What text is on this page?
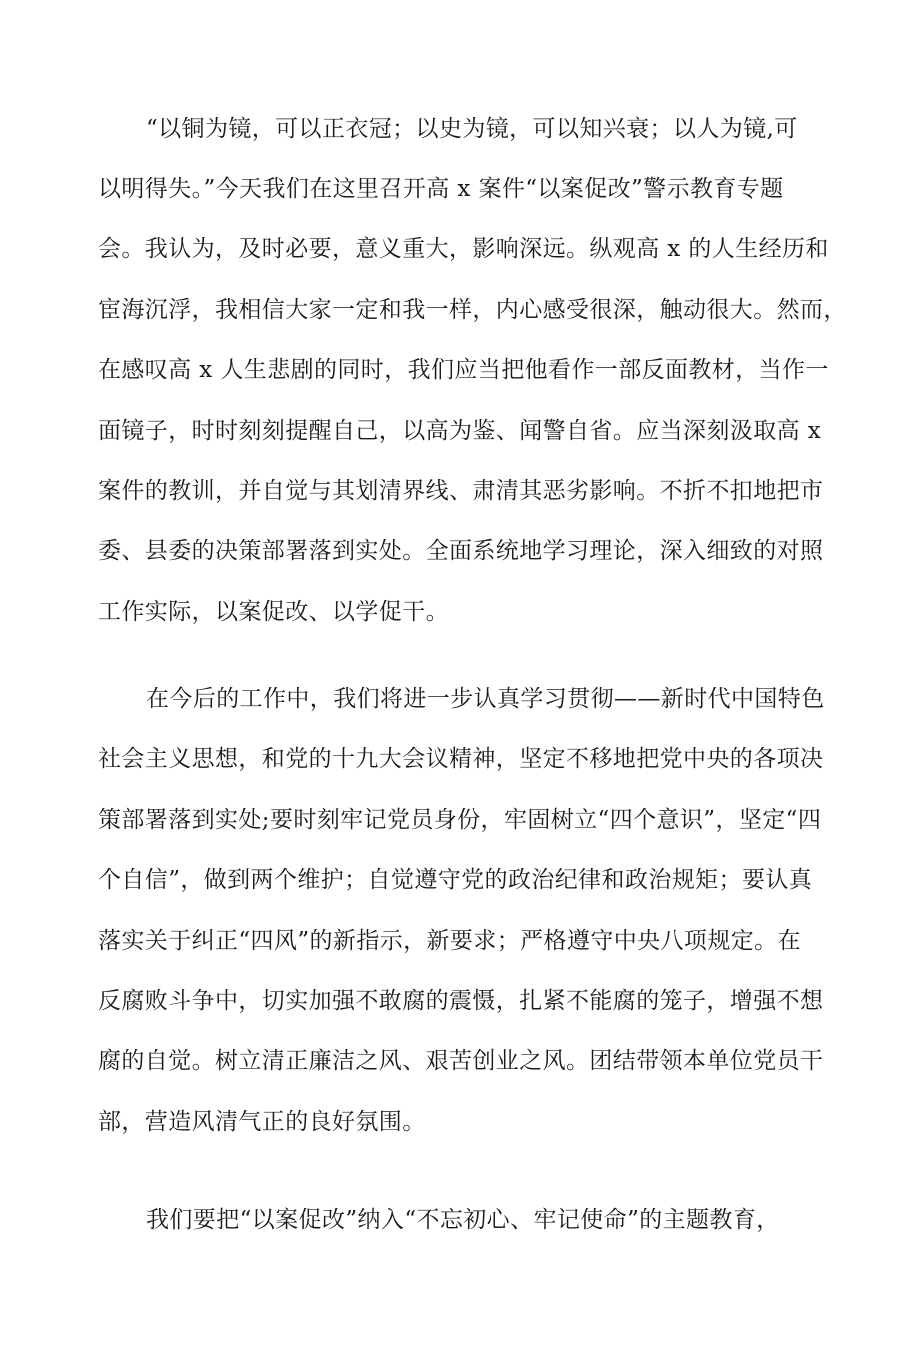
“以铜为镜，可以正衣冠；以史为镜，可以知兴衰；以人为镜,可

以明得失。”今天我们在这里召开高 x 案件“以案促改”警示教育专题

会。我认为，及时必要，意义重大，影响深远。纵观高 x 的人生经历和

宦海沉浮，我相信大家一定和我一样，内心感受很深，触动很大。然而，

在感叹高 x 人生悲剧的同时，我们应当把他看作一部反面教材，当作一

面镜子，时时刻刻提醒自己，以高为鉴、闻警自省。应当深刻汲取高 x

案件的教训，并自觉与其划清界线、肃清其恶劣影响。不折不扣地把市

委、县委的决策部署落到实处。全面系统地学习理论，深入细致的对照

工作实际，以案促改、以学促干。

在今后的工作中，我们将进一步认真学习贯彻——新时代中国特色

社会主义思想，和党的十九大会议精神，坚定不移地把党中央的各项决

策部署落到实处;要时刻牢记党员身份，牢固树立“四个意识”，坚定“四

个自信”，做到两个维护；自觉遵守党的政治纪律和政治规矩；要认真

落实关于纠正“四风”的新指示，新要求；严格遵守中央八项规定。在

反腐败斗争中，切实加强不敢腐的震慑，扎紧不能腐的笼子，增强不想

腐的自觉。树立清正廉洁之风、艰苦创业之风。团结带领本单位党员干

部，营造风清气正的良好氛围。

我们要把“以案促改”纳入“不忘初心、牢记使命”的主题教育，
